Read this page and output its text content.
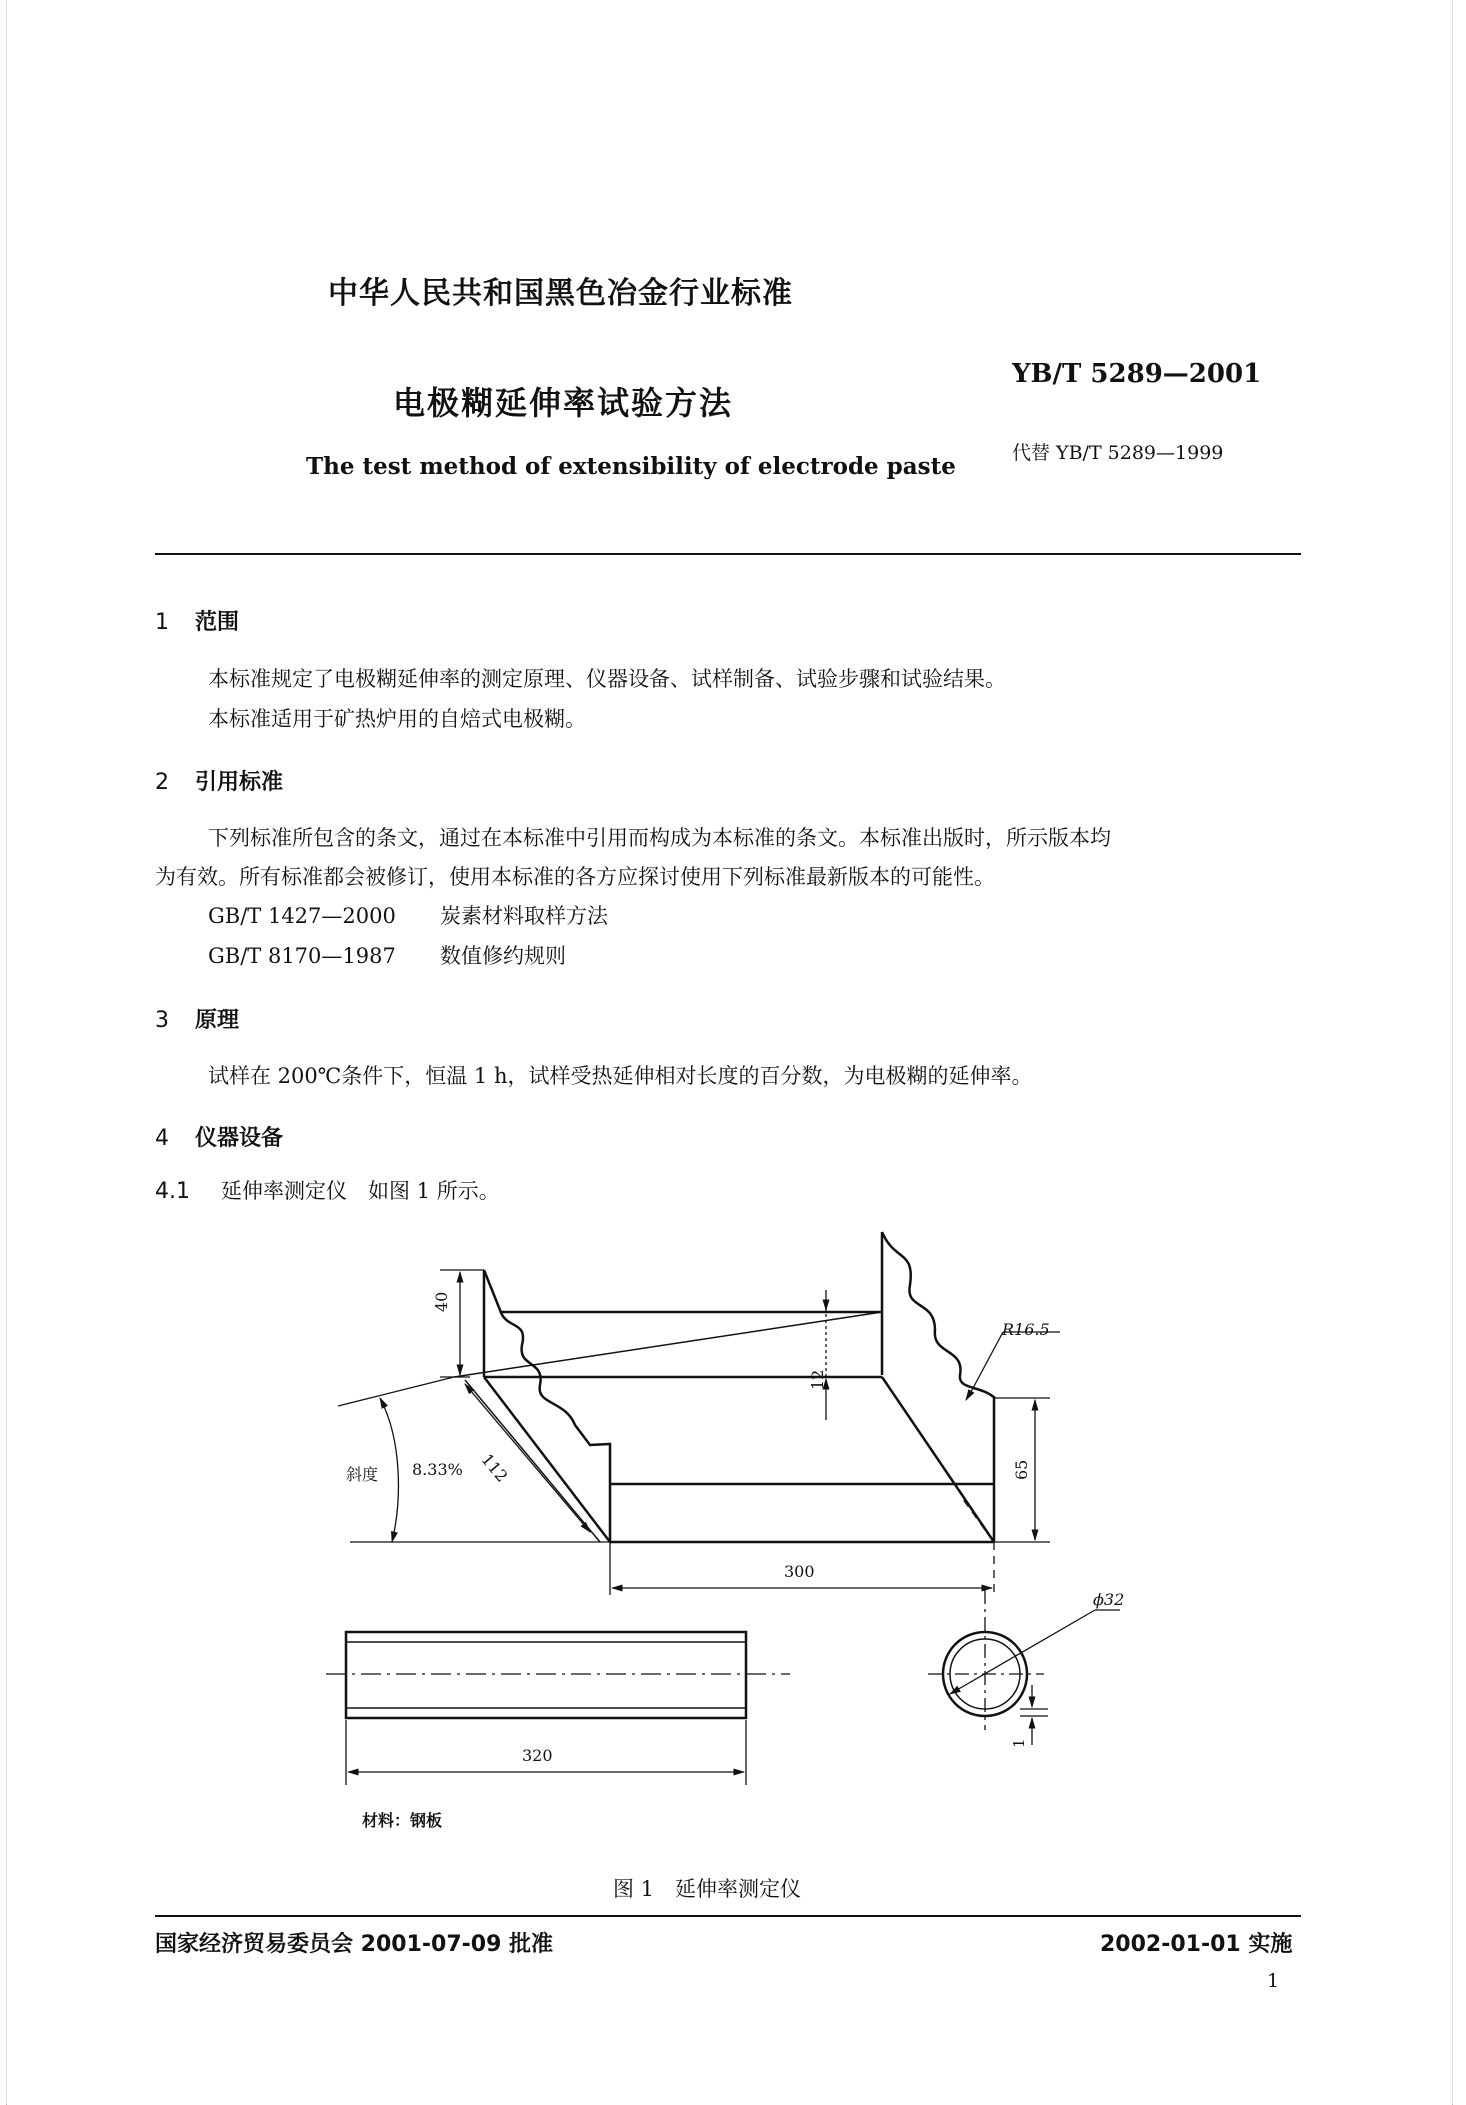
中华人民共和国黑色冶金行业标准
电极糊延伸率试验方法
The test method of extensibility of electrode paste
YB/T 5289—2001
代替 YB/T 5289—1999
1 范围
本标准规定了电极糊延伸率的测定原理、仪器设备、试样制备、试验步骤和试验结果。
本标准适用于矿热炉用的自焙式电极糊。
2 引用标准
下列标准所包含的条文，通过在本标准中引用而构成为本标准的条文。本标准出版时，所示版本均
为有效。所有标准都会被修订，使用本标准的各方应探讨使用下列标准最新版本的可能性。
GB/T 1427—2000 炭素材料取样方法
GB/T 8170—1987 数值修约规则
3 原理
试样在 200℃条件下，恒温 1 h，试样受热延伸相对长度的百分数，为电极糊的延伸率。
4 仪器设备
4.1 延伸率测定仪　如图 1 所示。
40
12
R16.5
斜度 8.33% 112	65
300
ϕ32
320
1
材料：钢板
图 1　延伸率测定仪
国家经济贸易委员会 2001-07-09 批准	2002-01-01 实施
1
